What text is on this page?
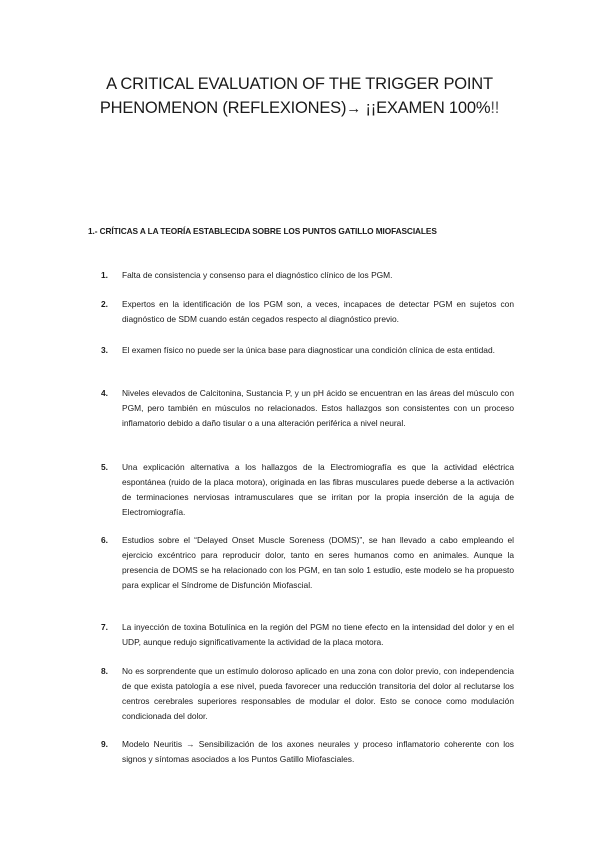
A CRITICAL EVALUATION OF THE TRIGGER POINT
PHENOMENON (REFLEXIONES)→ ¡¡EXAMEN 100%!!
1.- CRÍTICAS A LA TEORÍA ESTABLECIDA SOBRE LOS PUNTOS GATILLO MIOFASCIALES
1.	Falta de consistencia y consenso para el diagnóstico clínico de los PGM.
2.	Expertos en la identificación de los PGM son, a veces, incapaces de detectar PGM en sujetos con diagnóstico de SDM cuando están cegados respecto al diagnóstico previo.
3.	El examen físico no puede ser la única base para diagnosticar una condición clínica de esta entidad.
4.	Niveles elevados de Calcitonina, Sustancia P, y un pH ácido se encuentran en las áreas del músculo con PGM, pero también en músculos no relacionados. Estos hallazgos son consistentes con un proceso inflamatorio debido a daño tisular o a una alteración periférica a nivel neural.
5.	Una explicación alternativa a los hallazgos de la Electromiografía es que la actividad eléctrica espontánea (ruido de la placa motora), originada en las fibras musculares puede deberse a la activación de terminaciones nerviosas intramusculares que se irritan por la propia inserción de la aguja de Electromiografía.
6.	Estudios sobre el “Delayed Onset Muscle Soreness (DOMS)”, se han llevado a cabo empleando el ejercicio excéntrico para reproducir dolor, tanto en seres humanos como en animales. Aunque la presencia de DOMS se ha relacionado con los PGM, en tan solo 1 estudio, este modelo se ha propuesto para explicar el Síndrome de Disfunción Miofascial.
7.	La inyección de toxina Botulínica en la región del PGM no tiene efecto en la intensidad del dolor y en el UDP, aunque redujo significativamente la actividad de la placa motora.
8.	No es sorprendente que un estímulo doloroso aplicado en una zona con dolor previo, con independencia de que exista patología a ese nivel, pueda favorecer una reducción transitoria del dolor al reclutarse los centros cerebrales superiores responsables de modular el dolor. Esto se conoce como modulación condicionada del dolor.
9.	Modelo Neuritis → Sensibilización de los axones neurales y proceso inflamatorio coherente con los signos y síntomas asociados a los Puntos Gatillo Miofasciales.
